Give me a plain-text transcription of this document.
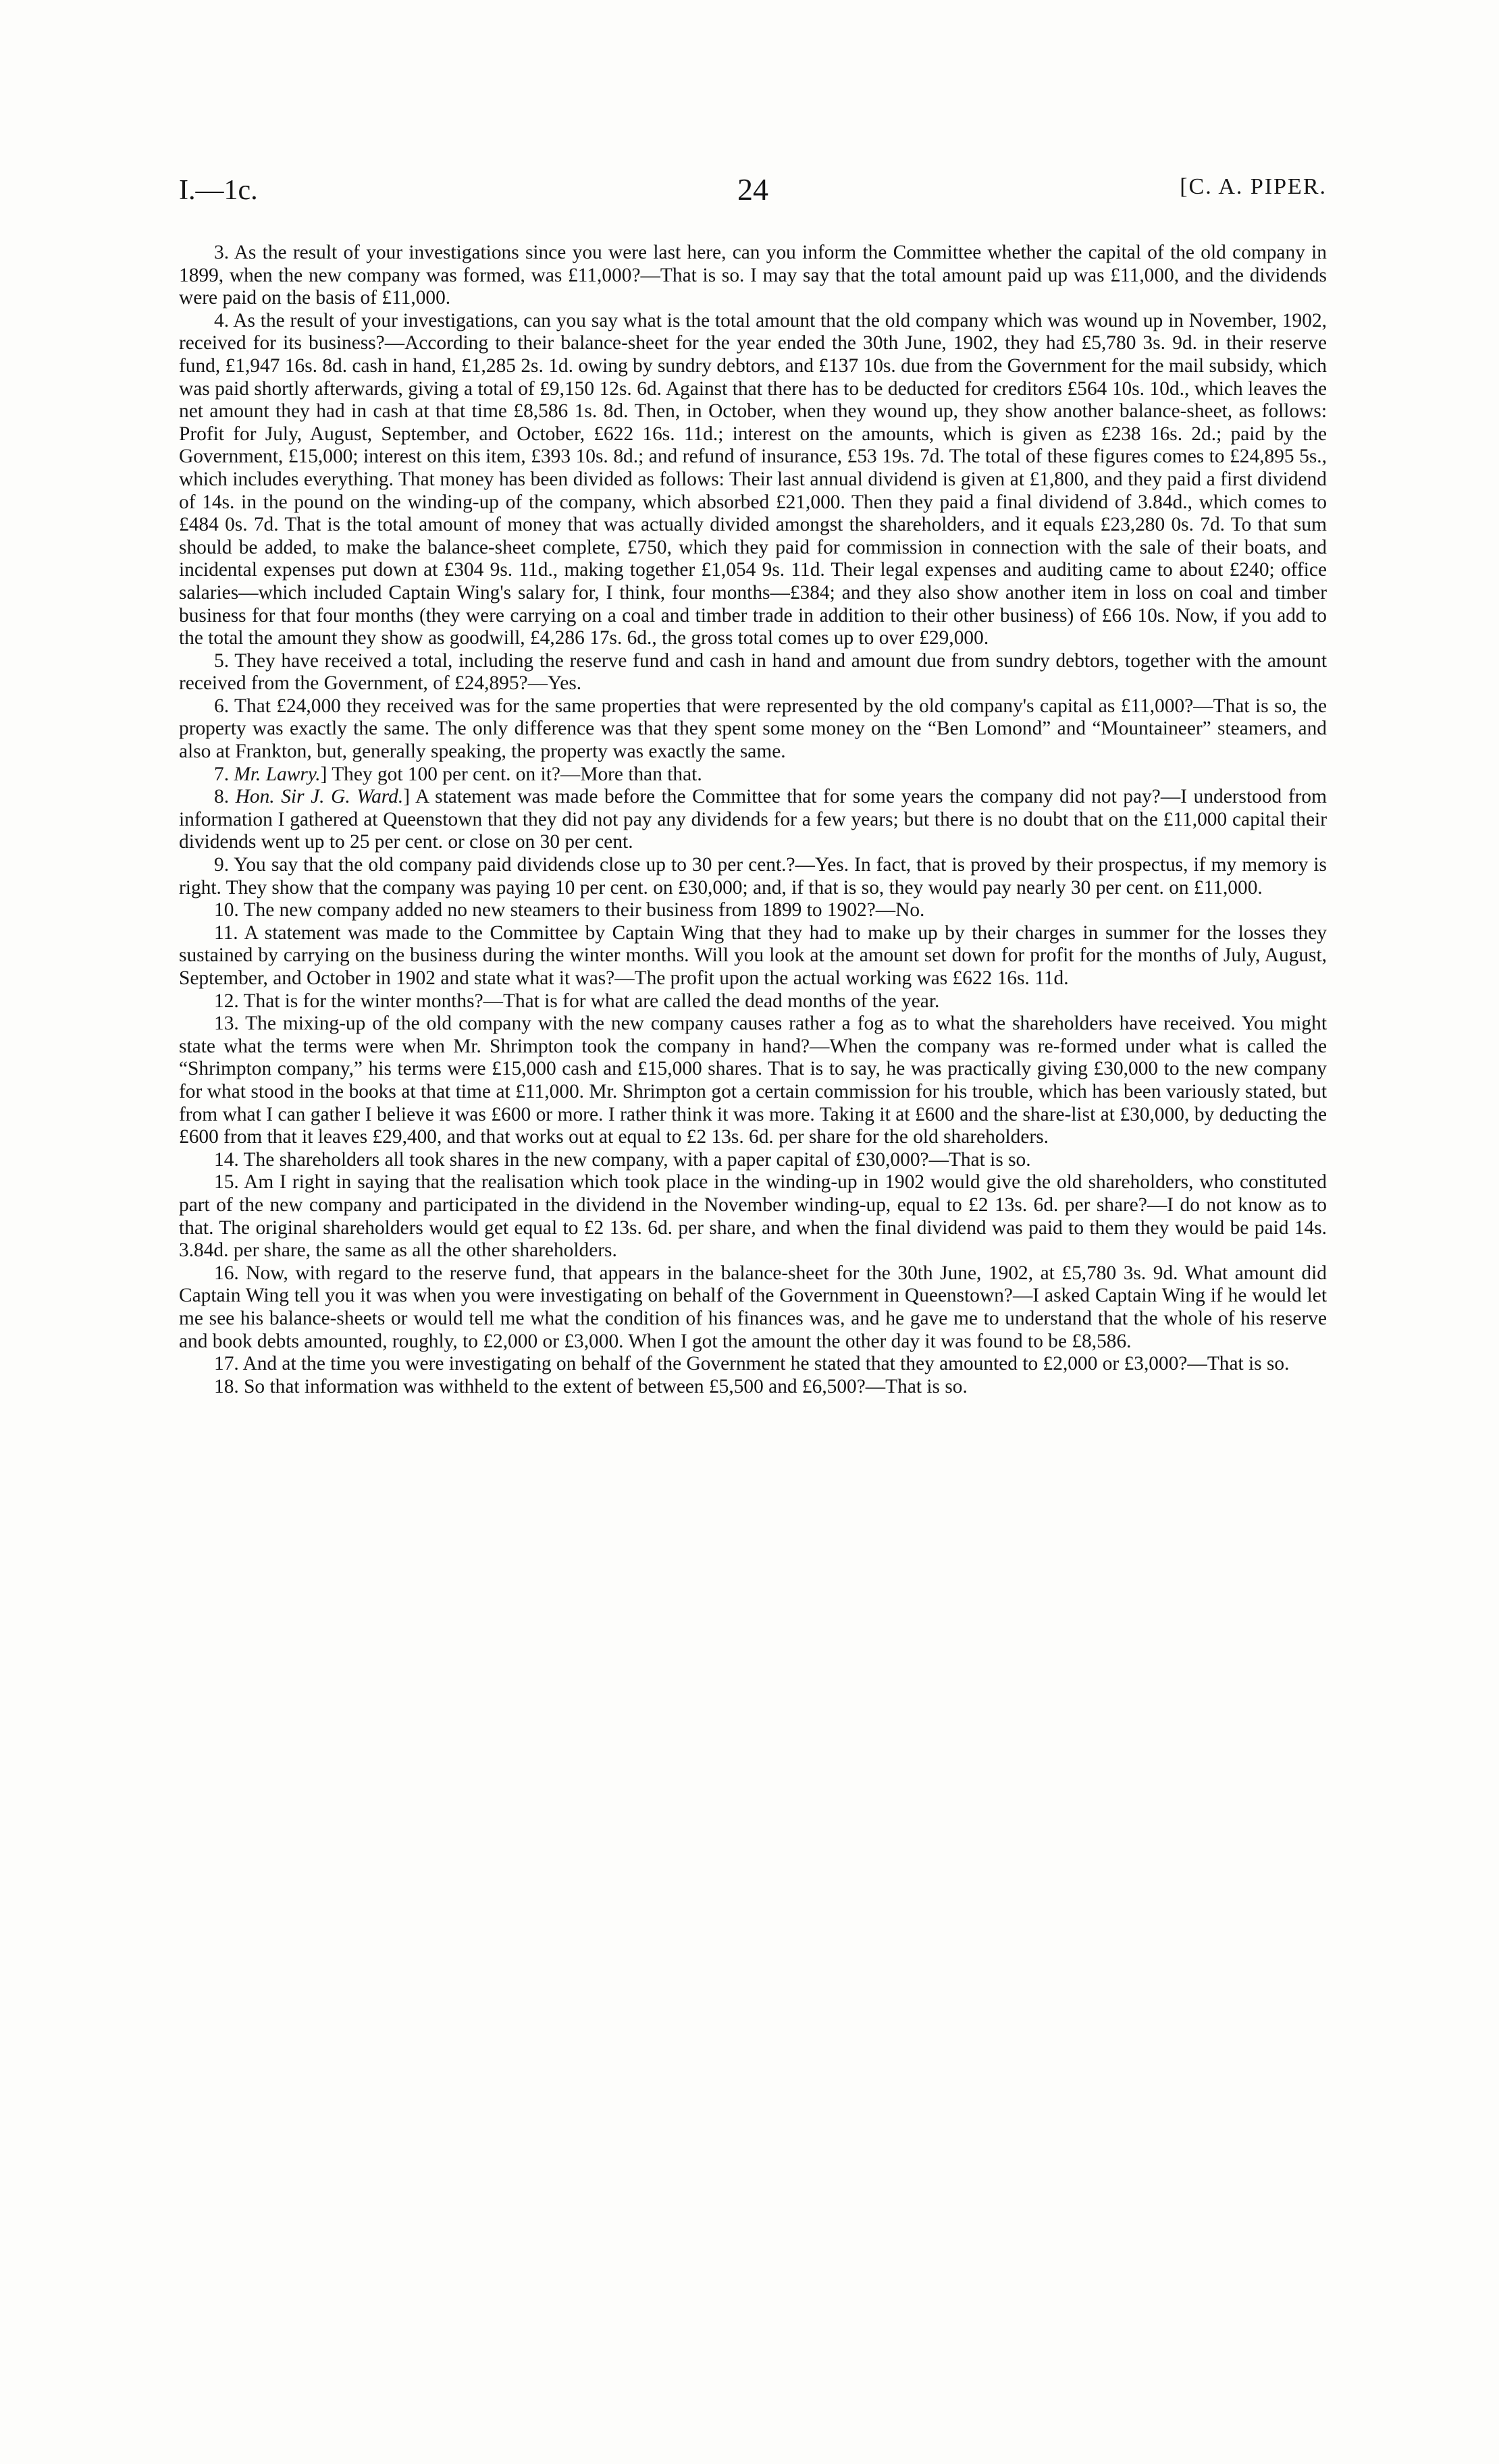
I.—1c.	24	[C. A. PIPER.

3. As the result of your investigations since you were last here, can you inform the Committee whether the capital of the old company in 1899, when the new company was formed, was £11,000?—That is so. I may say that the total amount paid up was £11,000, and the dividends were paid on the basis of £11,000.

4. As the result of your investigations, can you say what is the total amount that the old company which was wound up in November, 1902, received for its business?—According to their balance-sheet for the year ended the 30th June, 1902, they had £5,780 3s. 9d. in their reserve fund, £1,947 16s. 8d. cash in hand, £1,285 2s. 1d. owing by sundry debtors, and £137 10s. due from the Government for the mail subsidy, which was paid shortly afterwards, giving a total of £9,150 12s. 6d. Against that there has to be deducted for creditors £564 10s. 10d., which leaves the net amount they had in cash at that time £8,586 1s. 8d. Then, in October, when they wound up, they show another balance-sheet, as follows: Profit for July, August, September, and October, £622 16s. 11d.; interest on the amounts, which is given as £238 16s. 2d.; paid by the Government, £15,000; interest on this item, £393 10s. 8d.; and refund of insurance, £53 19s. 7d. The total of these figures comes to £24,895 5s., which includes everything. That money has been divided as follows: Their last annual dividend is given at £1,800, and they paid a first dividend of 14s. in the pound on the winding-up of the company, which absorbed £21,000. Then they paid a final dividend of 3.84d., which comes to £484 0s. 7d. That is the total amount of money that was actually divided amongst the shareholders, and it equals £23,280 0s. 7d. To that sum should be added, to make the balance-sheet complete, £750, which they paid for commission in connection with the sale of their boats, and incidental expenses put down at £304 9s. 11d., making together £1,054 9s. 11d. Their legal expenses and auditing came to about £240; office salaries—which included Captain Wing's salary for, I think, four months—£384; and they also show another item in loss on coal and timber business for that four months (they were carrying on a coal and timber trade in addition to their other business) of £66 10s. Now, if you add to the total the amount they show as goodwill, £4,286 17s. 6d., the gross total comes up to over £29,000.

5. They have received a total, including the reserve fund and cash in hand and amount due from sundry debtors, together with the amount received from the Government, of £24,895?—Yes.

6. That £24,000 they received was for the same properties that were represented by the old company's capital as £11,000?—That is so, the property was exactly the same. The only difference was that they spent some money on the “Ben Lomond” and “Mountaineer” steamers, and also at Frankton, but, generally speaking, the property was exactly the same.

7. Mr. Lawry.] They got 100 per cent. on it?—More than that.

8. Hon. Sir J. G. Ward.] A statement was made before the Committee that for some years the company did not pay?—I understood from information I gathered at Queenstown that they did not pay any dividends for a few years; but there is no doubt that on the £11,000 capital their dividends went up to 25 per cent. or close on 30 per cent.

9. You say that the old company paid dividends close up to 30 per cent.?—Yes. In fact, that is proved by their prospectus, if my memory is right. They show that the company was paying 10 per cent. on £30,000; and, if that is so, they would pay nearly 30 per cent. on £11,000.

10. The new company added no new steamers to their business from 1899 to 1902?—No.

11. A statement was made to the Committee by Captain Wing that they had to make up by their charges in summer for the losses they sustained by carrying on the business during the winter months. Will you look at the amount set down for profit for the months of July, August, September, and October in 1902 and state what it was?—The profit upon the actual working was £622 16s. 11d.

12. That is for the winter months?—That is for what are called the dead months of the year.

13. The mixing-up of the old company with the new company causes rather a fog as to what the shareholders have received. You might state what the terms were when Mr. Shrimpton took the company in hand?—When the company was re-formed under what is called the “Shrimpton company,” his terms were £15,000 cash and £15,000 shares. That is to say, he was practically giving £30,000 to the new company for what stood in the books at that time at £11,000. Mr. Shrimpton got a certain commission for his trouble, which has been variously stated, but from what I can gather I believe it was £600 or more. I rather think it was more. Taking it at £600 and the share-list at £30,000, by deducting the £600 from that it leaves £29,400, and that works out at equal to £2 13s. 6d. per share for the old shareholders.

14. The shareholders all took shares in the new company, with a paper capital of £30,000?—That is so.

15. Am I right in saying that the realisation which took place in the winding-up in 1902 would give the old shareholders, who constituted part of the new company and participated in the dividend in the November winding-up, equal to £2 13s. 6d. per share?—I do not know as to that. The original shareholders would get equal to £2 13s. 6d. per share, and when the final dividend was paid to them they would be paid 14s. 3.84d. per share, the same as all the other shareholders.

16. Now, with regard to the reserve fund, that appears in the balance-sheet for the 30th June, 1902, at £5,780 3s. 9d. What amount did Captain Wing tell you it was when you were investigating on behalf of the Government in Queenstown?—I asked Captain Wing if he would let me see his balance-sheets or would tell me what the condition of his finances was, and he gave me to understand that the whole of his reserve and book debts amounted, roughly, to £2,000 or £3,000. When I got the amount the other day it was found to be £8,586.

17. And at the time you were investigating on behalf of the Government he stated that they amounted to £2,000 or £3,000?—That is so.

18. So that information was withheld to the extent of between £5,500 and £6,500?—That is so.
